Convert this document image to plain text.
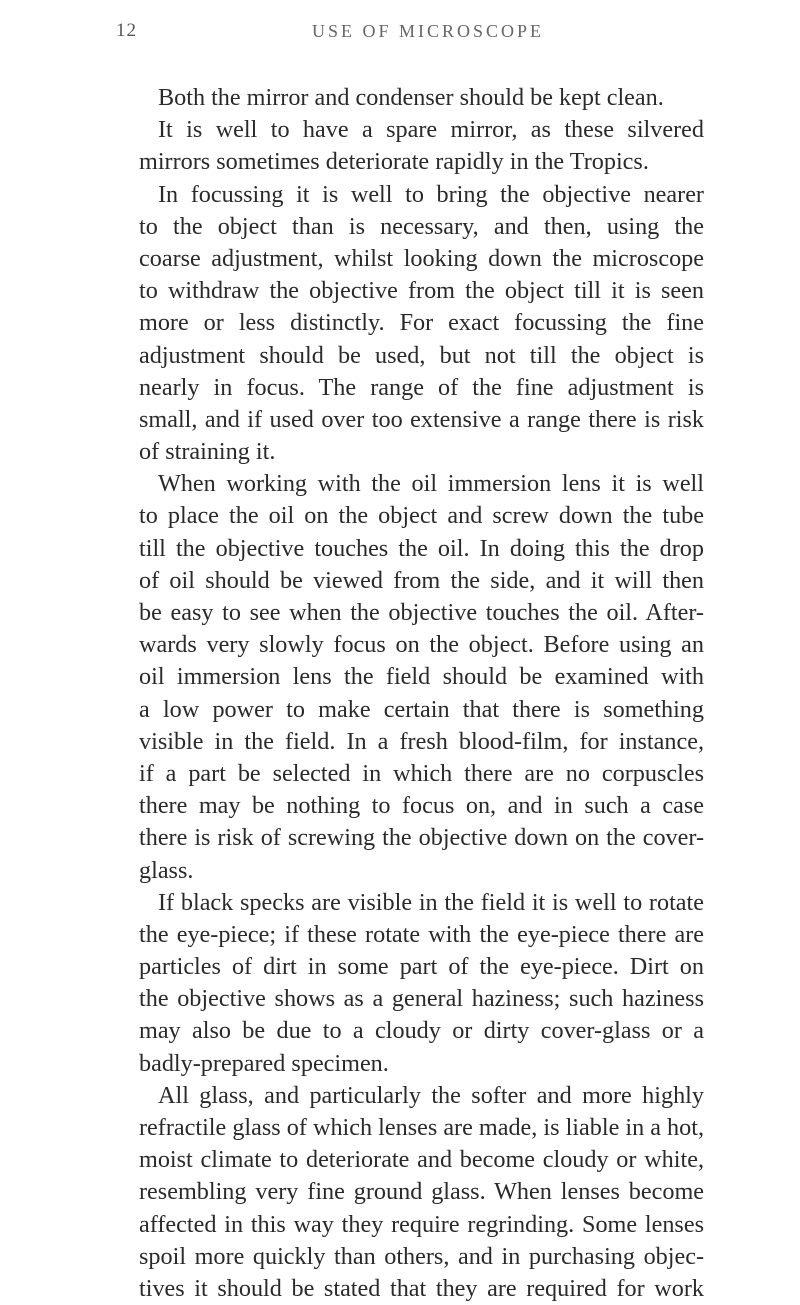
12	USE OF MICROSCOPE
Both the mirror and condenser should be kept clean.
It is well to have a spare mirror, as these silvered
mirrors sometimes deteriorate rapidly in the Tropics.
In focussing it is well to bring the objective nearer
to the object than is necessary, and then, using the
coarse adjustment, whilst looking down the microscope
to withdraw the objective from the object till it is seen
more or less distinctly. For exact focussing the fine
adjustment should be used, but not till the object is
nearly in focus. The range of the fine adjustment is
small, and if used over too extensive a range there is risk
of straining it.
When working with the oil immersion lens it is well
to place the oil on the object and screw down the tube
till the objective touches the oil. In doing this the drop
of oil should be viewed from the side, and it will then
be easy to see when the objective touches the oil. After-
wards very slowly focus on the object. Before using an
oil immersion lens the field should be examined with
a low power to make certain that there is something
visible in the field. In a fresh blood-film, for instance,
if a part be selected in which there are no corpuscles
there may be nothing to focus on, and in such a case
there is risk of screwing the objective down on the cover-
glass.
If black specks are visible in the field it is well to rotate
the eye-piece; if these rotate with the eye-piece there are
particles of dirt in some part of the eye-piece. Dirt on
the objective shows as a general haziness; such haziness
may also be due to a cloudy or dirty cover-glass or a
badly-prepared specimen.
All glass, and particularly the softer and more highly
refractile glass of which lenses are made, is liable in a hot,
moist climate to deteriorate and become cloudy or white,
resembling very fine ground glass. When lenses become
affected in this way they require regrinding. Some lenses
spoil more quickly than others, and in purchasing objec-
tives it should be stated that they are required for work
